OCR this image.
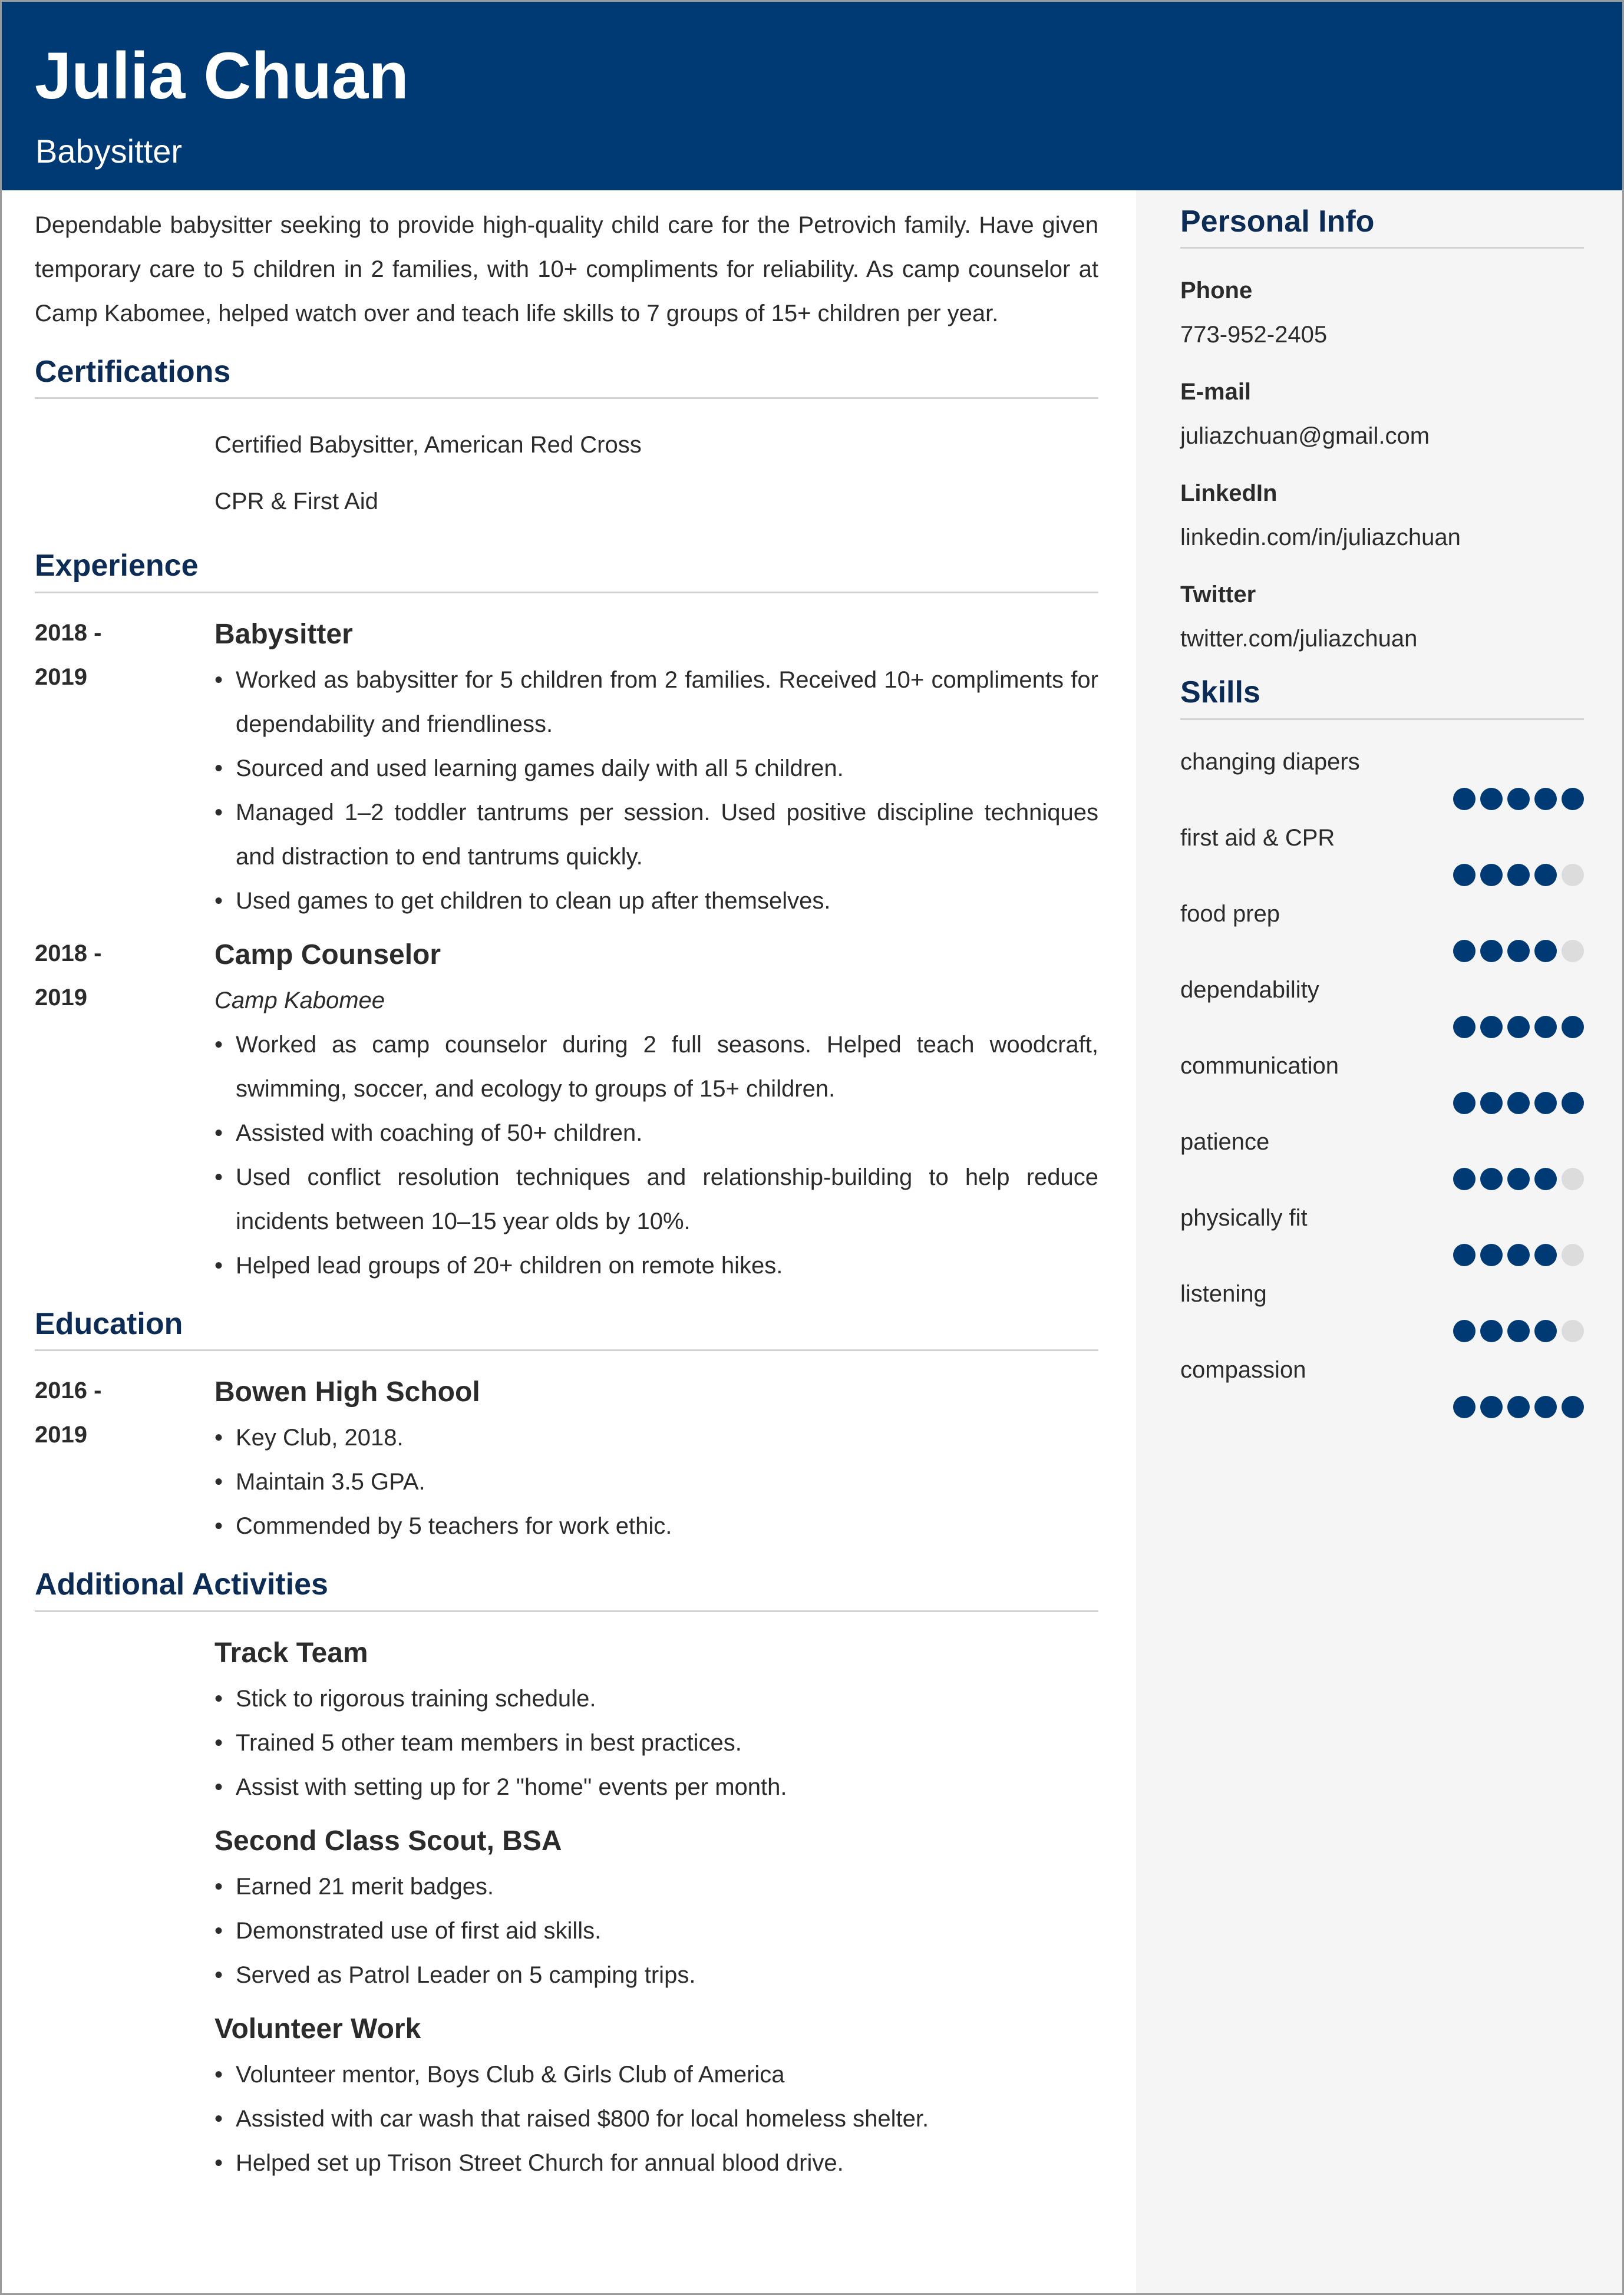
Julia Chuan
Babysitter

Dependable babysitter seeking to provide high-quality child care for the Petrovich family. Have given temporary care to 5 children in 2 families, with 10+ compliments for reliability. As camp counselor at Camp Kabomee, helped watch over and teach life skills to 7 groups of 15+ children per year.

Certifications
Certified Babysitter, American Red Cross
CPR & First Aid
Experience
2018 -
2019
Babysitter
• Worked as babysitter for 5 children from 2 families. Received 10+ compliments for dependability and friendliness.
• Sourced and used learning games daily with all 5 children.
• Managed 1–2 toddler tantrums per session. Used positive discipline techniques and distraction to end tantrums quickly.
• Used games to get children to clean up after themselves.
2018 -
2019
Camp Counselor
Camp Kabomee
• Worked as camp counselor during 2 full seasons. Helped teach woodcraft, swimming, soccer, and ecology to groups of 15+ children.
• Assisted with coaching of 50+ children.
• Used conflict resolution techniques and relationship-building to help reduce incidents between 10–15 year olds by 10%.
• Helped lead groups of 20+ children on remote hikes.
Education
2016 -
2019
Bowen High School
• Key Club, 2018.
• Maintain 3.5 GPA.
• Commended by 5 teachers for work ethic.
Additional Activities
Track Team
• Stick to rigorous training schedule.
• Trained 5 other team members in best practices.
• Assist with setting up for 2 "home" events per month.
Second Class Scout, BSA
• Earned 21 merit badges.
• Demonstrated use of first aid skills.
• Served as Patrol Leader on 5 camping trips.
Volunteer Work
• Volunteer mentor, Boys Club & Girls Club of America
• Assisted with car wash that raised $800 for local homeless shelter.
• Helped set up Trison Street Church for annual blood drive.
Personal Info
Phone
773-952-2405
E-mail
juliazchuan@gmail.com
LinkedIn
linkedin.com/in/juliazchuan
Twitter
twitter.com/juliazchuan
Skills
changing diapers
first aid & CPR
food prep
dependability
communication
patience
physically fit
listening
compassion
